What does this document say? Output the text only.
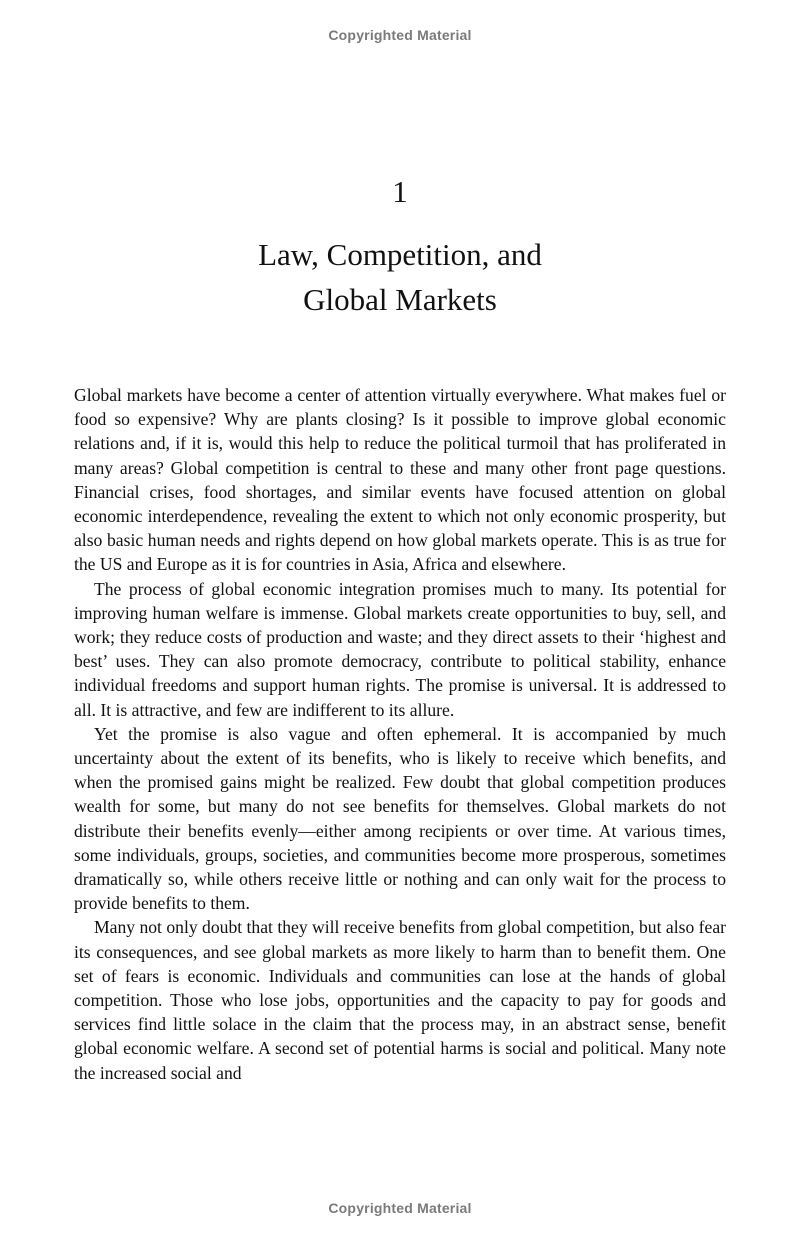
Copyrighted Material
1
Law, Competition, and
Global Markets

Global markets have become a center of attention virtually everywhere. What makes fuel or food so expensive? Why are plants closing? Is it possible to improve global economic relations and, if it is, would this help to reduce the political turmoil that has proliferated in many areas? Global competition is central to these and many other front page questions. Financial crises, food shortages, and similar events have focused attention on global economic interdependence, revealing the extent to which not only economic prosperity, but also basic human needs and rights depend on how global markets operate. This is as true for the US and Europe as it is for countries in Asia, Africa and elsewhere.

The process of global economic integration promises much to many. Its potential for improving human welfare is immense. Global markets create opportunities to buy, sell, and work; they reduce costs of production and waste; and they direct assets to their ‘highest and best’ uses. They can also promote democracy, contribute to political stability, enhance individual freedoms and support human rights. The promise is universal. It is addressed to all. It is attractive, and few are indifferent to its allure.

Yet the promise is also vague and often ephemeral. It is accompanied by much uncertainty about the extent of its benefits, who is likely to receive which benefits, and when the promised gains might be realized. Few doubt that global competition produces wealth for some, but many do not see benefits for themselves. Global markets do not distribute their benefits evenly—either among recipients or over time. At various times, some individuals, groups, societies, and communities become more prosperous, sometimes dramatically so, while others receive little or nothing and can only wait for the process to provide benefits to them.

Many not only doubt that they will receive benefits from global competition, but also fear its consequences, and see global markets as more likely to harm than to benefit them. One set of fears is economic. Individuals and communities can lose at the hands of global competition. Those who lose jobs, opportunities and the capacity to pay for goods and services find little solace in the claim that the process may, in an abstract sense, benefit global economic welfare. A second set of potential harms is social and political. Many note the increased social and

Copyrighted Material
